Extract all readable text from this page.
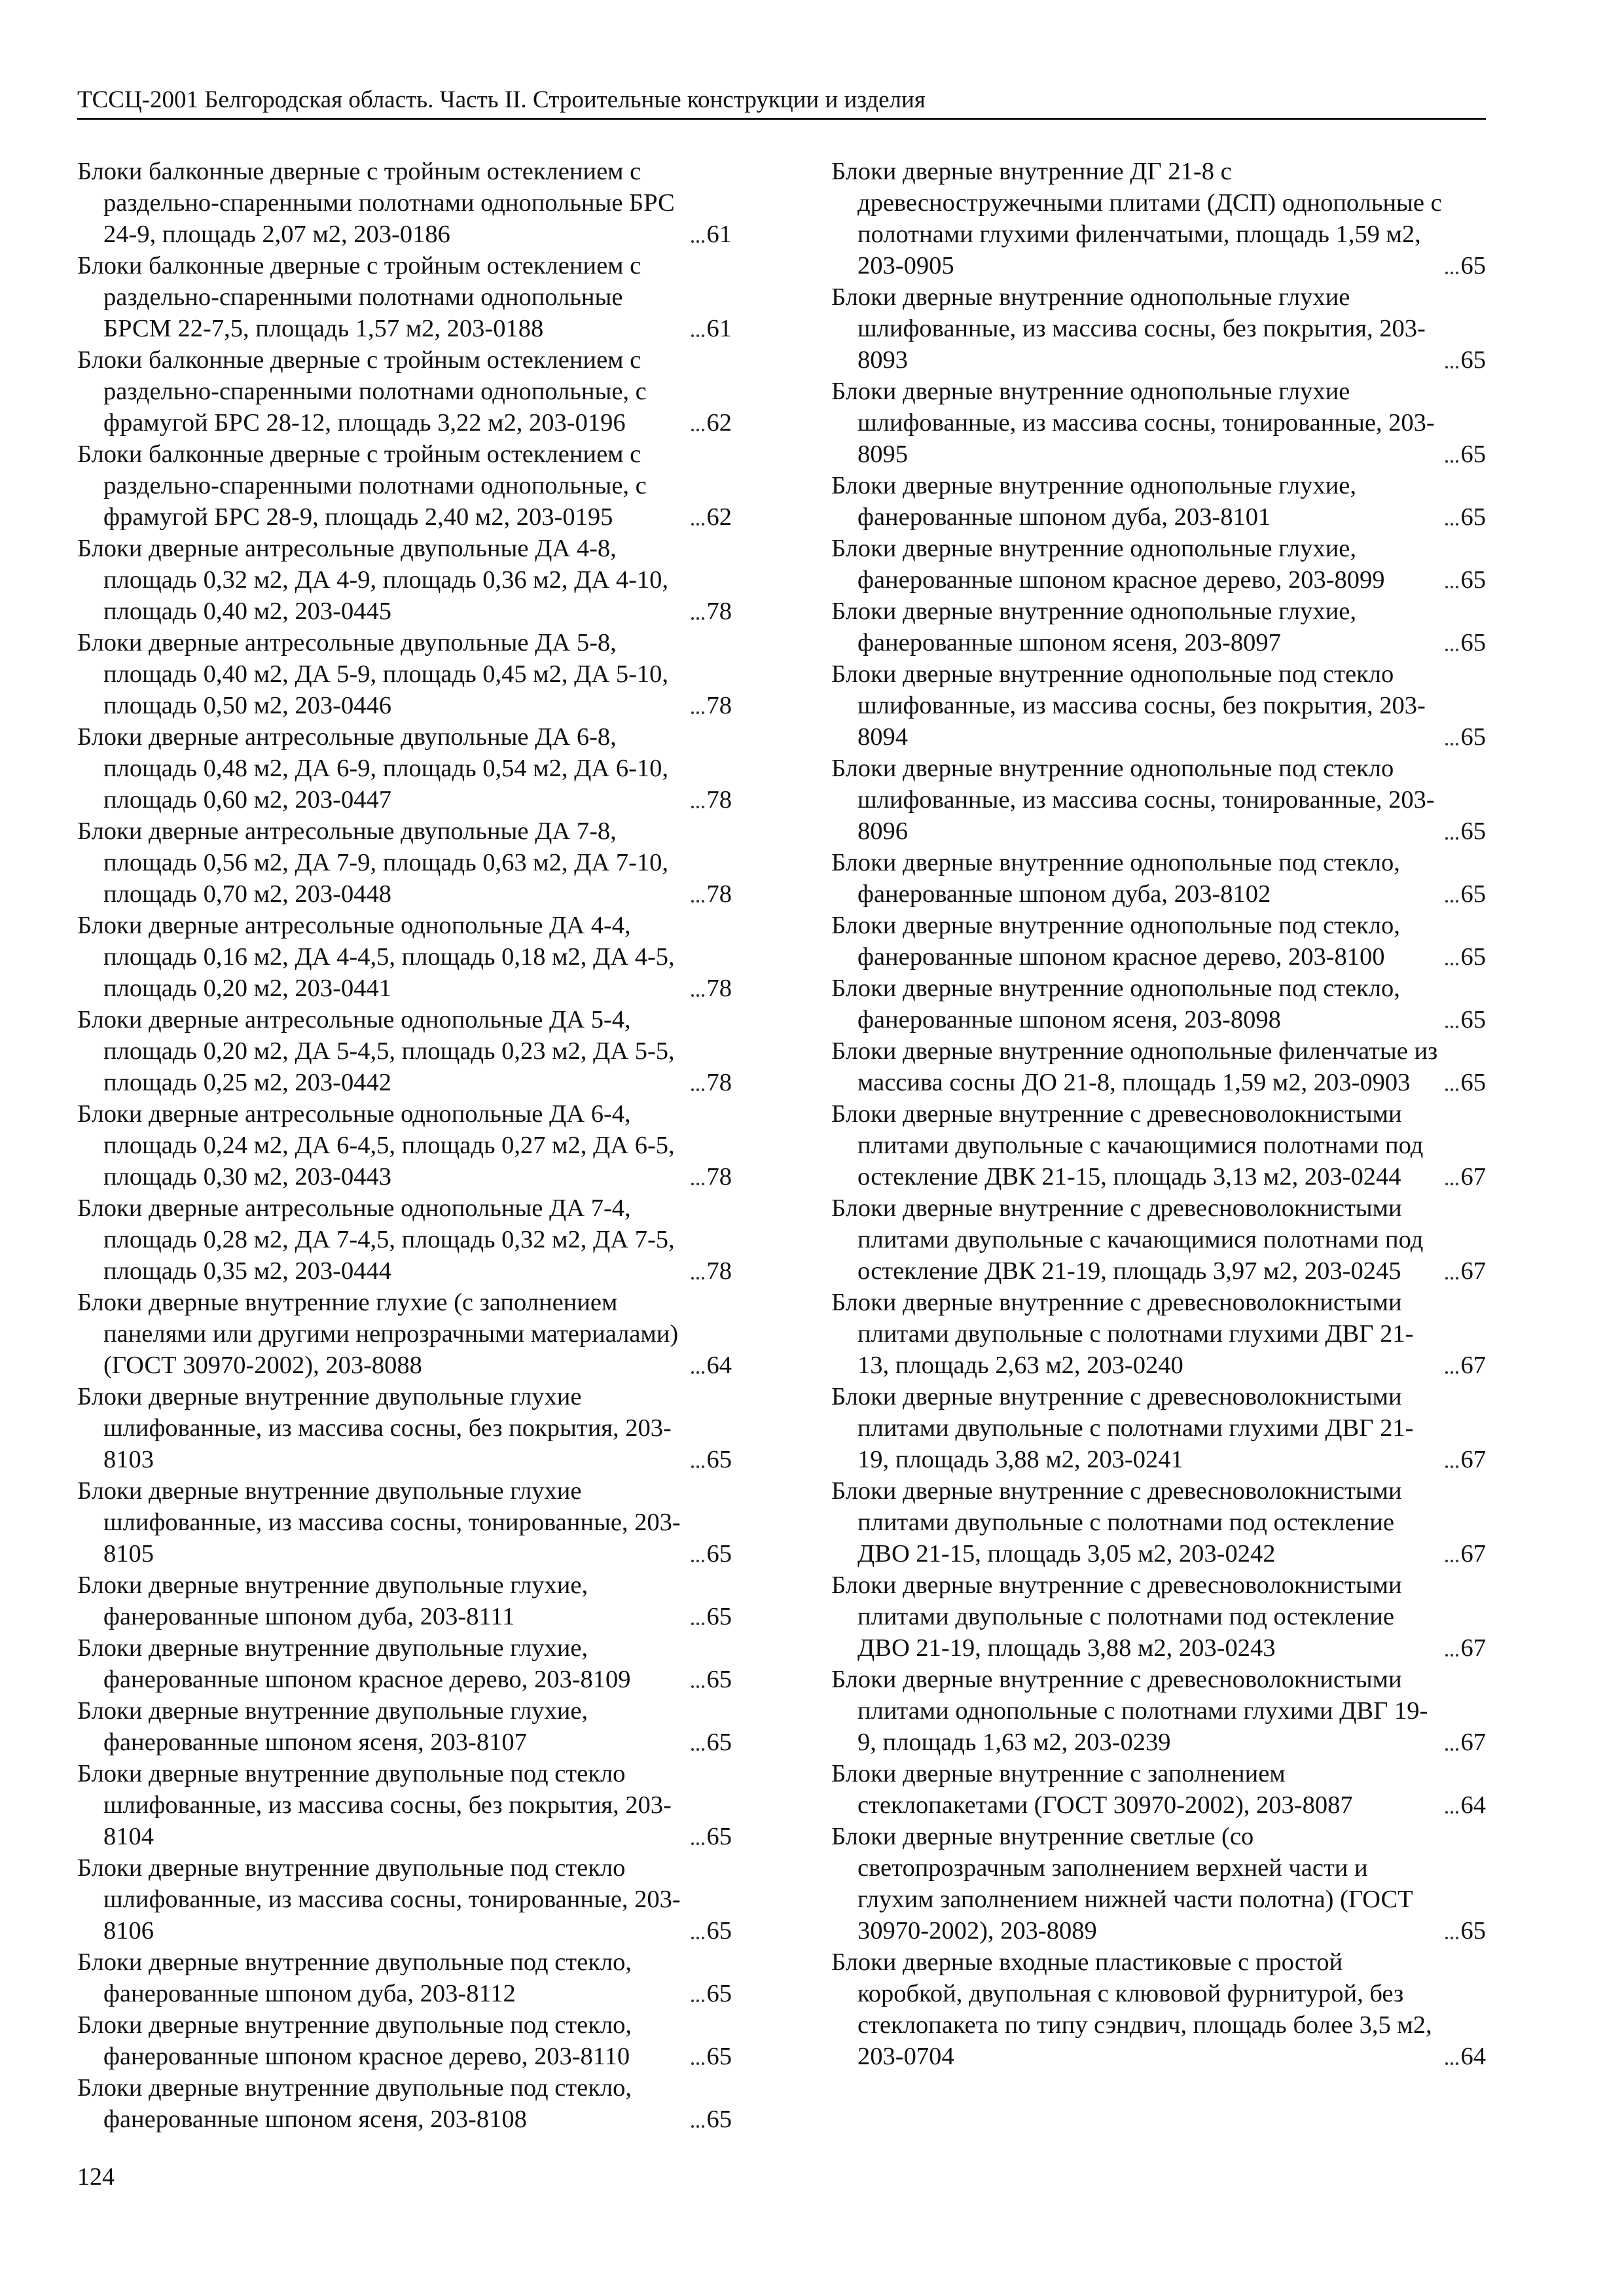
ТССЦ-2001 Белгородская область. Часть II. Строительные конструкции и изделия
Блоки балконные дверные с тройным остеклением с раздельно-спаренными полотнами однопольные БРС 24-9, площадь 2,07 м2, 203-0186	61
Блоки балконные дверные с тройным остеклением с раздельно-спаренными полотнами однопольные БРСМ 22-7,5, площадь 1,57 м2, 203-0188	61
Блоки балконные дверные с тройным остеклением с раздельно-спаренными полотнами однопольные, с фрамугой БРС 28-12, площадь 3,22 м2, 203-0196	62
Блоки балконные дверные с тройным остеклением с раздельно-спаренными полотнами однопольные, с фрамугой БРС 28-9, площадь 2,40 м2, 203-0195	62
Блоки дверные антресольные двупольные ДА 4-8, площадь 0,32 м2, ДА 4-9, площадь 0,36 м2, ДА 4-10, площадь 0,40 м2, 203-0445	78
Блоки дверные антресольные двупольные ДА 5-8, площадь 0,40 м2, ДА 5-9, площадь 0,45 м2, ДА 5-10, площадь 0,50 м2, 203-0446	78
Блоки дверные антресольные двупольные ДА 6-8, площадь 0,48 м2, ДА 6-9, площадь 0,54 м2, ДА 6-10, площадь 0,60 м2, 203-0447	78
Блоки дверные антресольные двупольные ДА 7-8, площадь 0,56 м2, ДА 7-9, площадь 0,63 м2, ДА 7-10, площадь 0,70 м2, 203-0448	78
Блоки дверные антресольные однопольные ДА 4-4, площадь 0,16 м2, ДА 4-4,5, площадь 0,18 м2, ДА 4-5, площадь 0,20 м2, 203-0441	78
Блоки дверные антресольные однопольные ДА 5-4, площадь 0,20 м2, ДА 5-4,5, площадь 0,23 м2, ДА 5-5, площадь 0,25 м2, 203-0442	78
Блоки дверные антресольные однопольные ДА 6-4, площадь 0,24 м2, ДА 6-4,5, площадь 0,27 м2, ДА 6-5, площадь 0,30 м2, 203-0443	78
Блоки дверные антресольные однопольные ДА 7-4, площадь 0,28 м2, ДА 7-4,5, площадь 0,32 м2, ДА 7-5, площадь 0,35 м2, 203-0444	78
Блоки дверные внутренние глухие (с заполнением панелями или другими непрозрачными материалами) (ГОСТ 30970-2002), 203-8088	64
Блоки дверные внутренние двупольные глухие шлифованные, из массива сосны, без покрытия, 203-8103	65
Блоки дверные внутренние двупольные глухие шлифованные, из массива сосны, тонированные, 203-8105	65
Блоки дверные внутренние двупольные глухие, фанерованные шпоном дуба, 203-8111	65
Блоки дверные внутренние двупольные глухие, фанерованные шпоном красное дерево, 203-8109	65
Блоки дверные внутренние двупольные глухие, фанерованные шпоном ясеня, 203-8107	65
Блоки дверные внутренние двупольные под стекло шлифованные, из массива сосны, без покрытия, 203-8104	65
Блоки дверные внутренние двупольные под стекло шлифованные, из массива сосны, тонированные, 203-8106	65
Блоки дверные внутренние двупольные под стекло, фанерованные шпоном дуба, 203-8112	65
Блоки дверные внутренние двупольные под стекло, фанерованные шпоном красное дерево, 203-8110	65
Блоки дверные внутренние двупольные под стекло, фанерованные шпоном ясеня, 203-8108	65
Блоки дверные внутренние ДГ 21-8 с древесностружечными плитами (ДСП) однопольные с полотнами глухими филенчатыми, площадь 1,59 м2, 203-0905	65
Блоки дверные внутренние однопольные глухие шлифованные, из массива сосны, без покрытия, 203-8093	65
Блоки дверные внутренние однопольные глухие шлифованные, из массива сосны, тонированные, 203-8095	65
Блоки дверные внутренние однопольные глухие, фанерованные шпоном дуба, 203-8101	65
Блоки дверные внутренние однопольные глухие, фанерованные шпоном красное дерево, 203-8099	65
Блоки дверные внутренние однопольные глухие, фанерованные шпоном ясеня, 203-8097	65
Блоки дверные внутренние однопольные под стекло шлифованные, из массива сосны, без покрытия, 203-8094	65
Блоки дверные внутренние однопольные под стекло шлифованные, из массива сосны, тонированные, 203-8096	65
Блоки дверные внутренние однопольные под стекло, фанерованные шпоном дуба, 203-8102	65
Блоки дверные внутренние однопольные под стекло, фанерованные шпоном красное дерево, 203-8100	65
Блоки дверные внутренние однопольные под стекло, фанерованные шпоном ясеня, 203-8098	65
Блоки дверные внутренние однопольные филенчатые из массива сосны ДО 21-8, площадь 1,59 м2, 203-0903	65
Блоки дверные внутренние с древесноволокнистыми плитами двупольные с качающимися полотнами под остекление ДВК 21-15, площадь 3,13 м2, 203-0244	67
Блоки дверные внутренние с древесноволокнистыми плитами двупольные с качающимися полотнами под остекление ДВК 21-19, площадь 3,97 м2, 203-0245	67
Блоки дверные внутренние с древесноволокнистыми плитами двупольные с полотнами глухими ДВГ 21-13, площадь 2,63 м2, 203-0240	67
Блоки дверные внутренние с древесноволокнистыми плитами двупольные с полотнами глухими ДВГ 21-19, площадь 3,88 м2, 203-0241	67
Блоки дверные внутренние с древесноволокнистыми плитами двупольные с полотнами под остекление ДВО 21-15, площадь 3,05 м2, 203-0242	67
Блоки дверные внутренние с древесноволокнистыми плитами двупольные с полотнами под остекление ДВО 21-19, площадь 3,88 м2, 203-0243	67
Блоки дверные внутренние с древесноволокнистыми плитами однопольные с полотнами глухими ДВГ 19-9, площадь 1,63 м2, 203-0239	67
Блоки дверные внутренние с заполнением стеклопакетами (ГОСТ 30970-2002), 203-8087	64
Блоки дверные внутренние светлые (со светопрозрачным заполнением верхней части и глухим заполнением нижней части полотна) (ГОСТ 30970-2002), 203-8089	65
Блоки дверные входные пластиковые с простой коробкой, двупольная с клювовой фурнитурой, без стеклопакета по типу сэндвич, площадь более 3,5 м2, 203-0704	64
124
